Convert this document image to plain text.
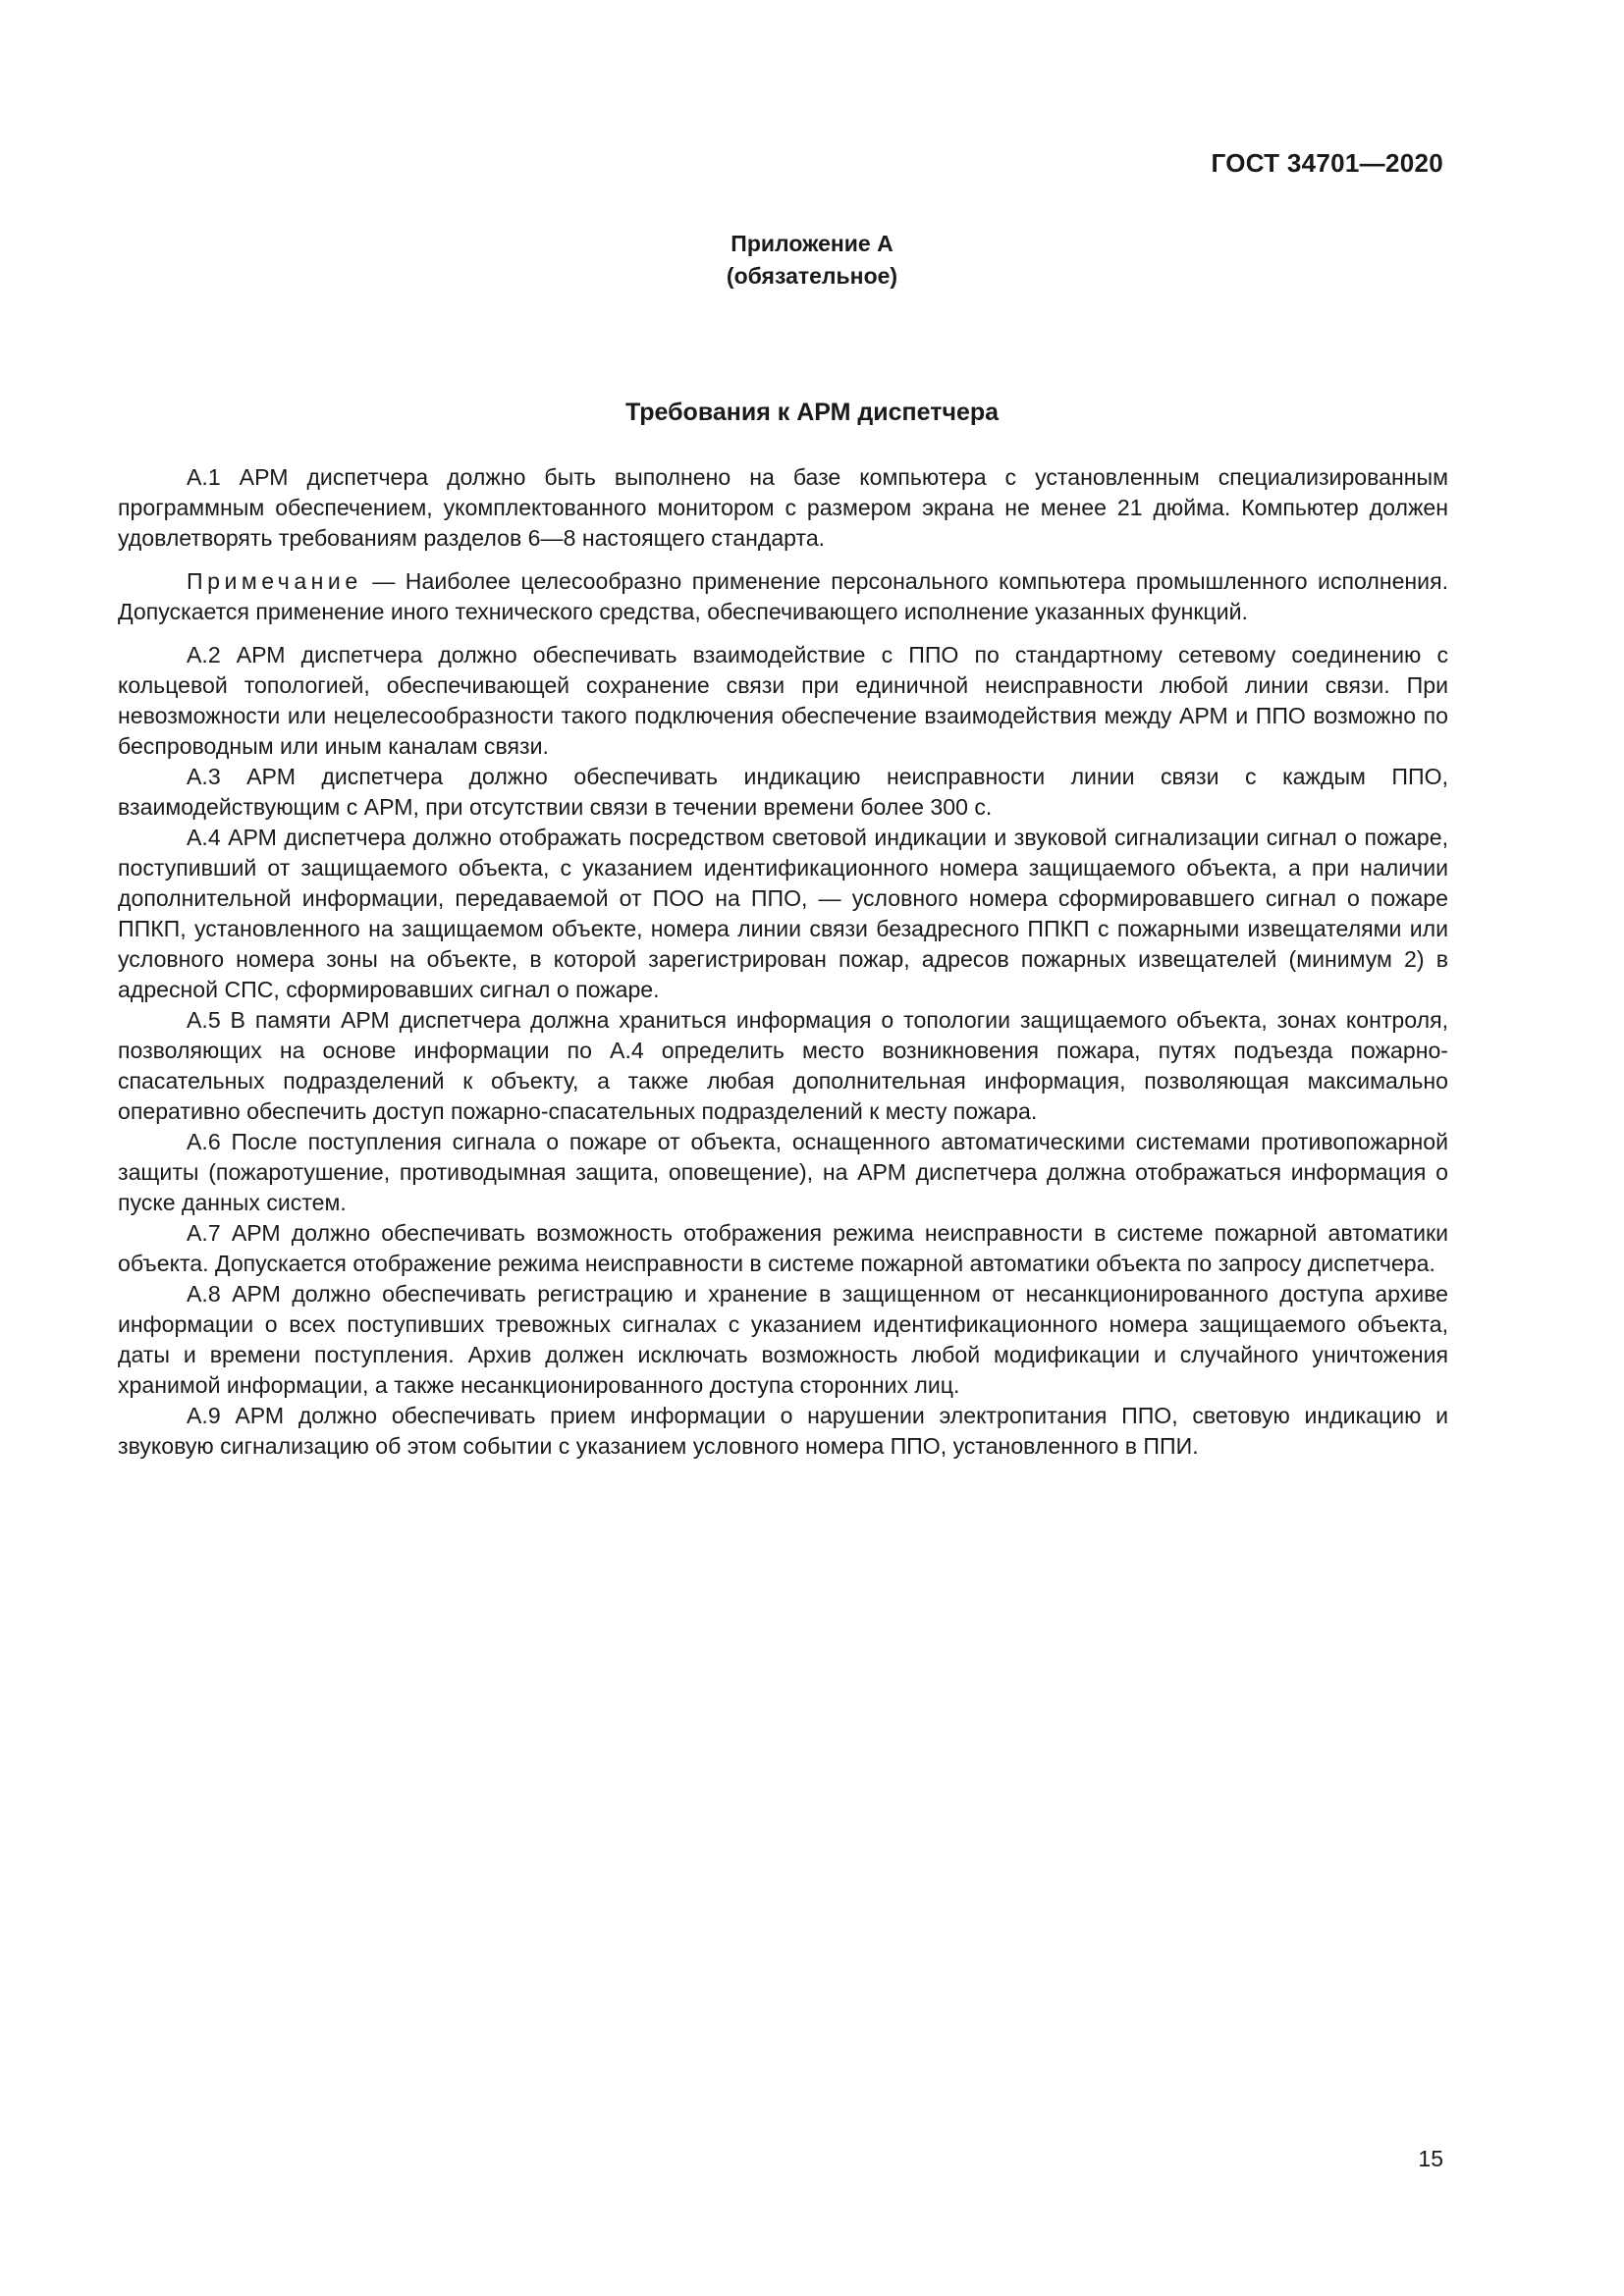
ГОСТ 34701—2020
Приложение А
(обязательное)
Требования к АРМ диспетчера

А.1 АРМ диспетчера должно быть выполнено на базе компьютера с установленным специализированным программным обеспечением, укомплектованного монитором с размером экрана не менее 21 дюйма. Компьютер должен удовлетворять требованиям разделов 6—8 настоящего стандарта.

Примечание — Наиболее целесообразно применение персонального компьютера промышленного исполнения. Допускается применение иного технического средства, обеспечивающего исполнение указанных функций.

А.2 АРМ диспетчера должно обеспечивать взаимодействие с ППО по стандартному сетевому соединению с кольцевой топологией, обеспечивающей сохранение связи при единичной неисправности любой линии связи. При невозможности или нецелесообразности такого подключения обеспечение взаимодействия между АРМ и ППО возможно по беспроводным или иным каналам связи.

А.3 АРМ диспетчера должно обеспечивать индикацию неисправности линии связи с каждым ППО, взаимодействующим с АРМ, при отсутствии связи в течении времени более 300 с.

А.4 АРМ диспетчера должно отображать посредством световой индикации и звуковой сигнализации сигнал о пожаре, поступивший от защищаемого объекта, с указанием идентификационного номера защищаемого объекта, а при наличии дополнительной информации, передаваемой от ПОО на ППО, — условного номера сформировавшего сигнал о пожаре ППКП, установленного на защищаемом объекте, номера линии связи безадресного ППКП с пожарными извещателями или условного номера зоны на объекте, в которой зарегистрирован пожар, адресов пожарных извещателей (минимум 2) в адресной СПС, сформировавших сигнал о пожаре.

А.5 В памяти АРМ диспетчера должна храниться информация о топологии защищаемого объекта, зонах контроля, позволяющих на основе информации по А.4 определить место возникновения пожара, путях подъезда пожарно-спасательных подразделений к объекту, а также любая дополнительная информация, позволяющая максимально оперативно обеспечить доступ пожарно-спасательных подразделений к месту пожара.

А.6 После поступления сигнала о пожаре от объекта, оснащенного автоматическими системами противопожарной защиты (пожаротушение, противодымная защита, оповещение), на АРМ диспетчера должна отображаться информация о пуске данных систем.

А.7 АРМ должно обеспечивать возможность отображения режима неисправности в системе пожарной автоматики объекта. Допускается отображение режима неисправности в системе пожарной автоматики объекта по запросу диспетчера.

А.8 АРМ должно обеспечивать регистрацию и хранение в защищенном от несанкционированного доступа архиве информации о всех поступивших тревожных сигналах с указанием идентификационного номера защищаемого объекта, даты и времени поступления. Архив должен исключать возможность любой модификации и случайного уничтожения хранимой информации, а также несанкционированного доступа сторонних лиц.

А.9 АРМ должно обеспечивать прием информации о нарушении электропитания ППО, световую индикацию и звуковую сигнализацию об этом событии с указанием условного номера ППО, установленного в ППИ.

15
